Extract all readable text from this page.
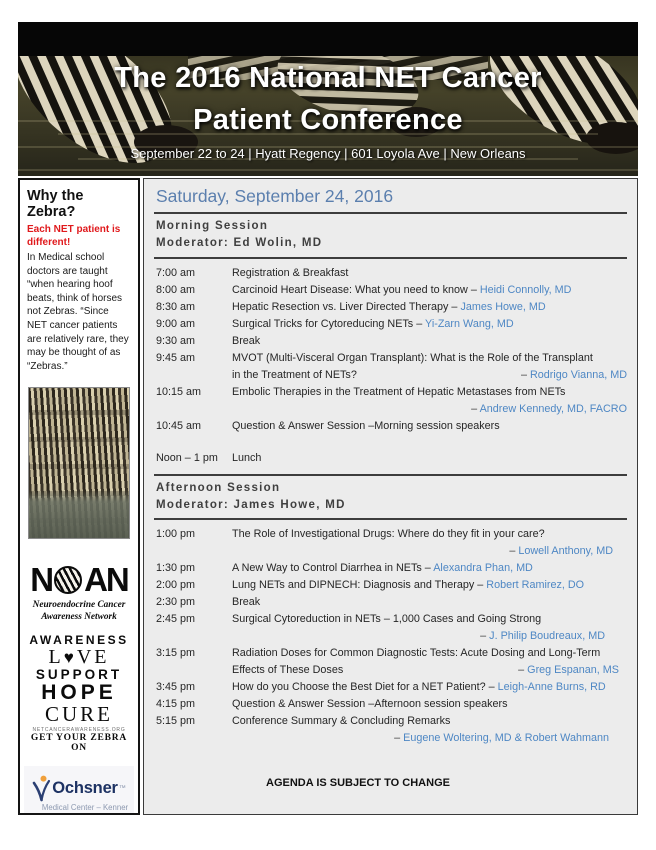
The 2016 National NET Cancer
Patient Conference
September 22 to 24 | Hyatt Regency | 601 Loyola Ave | New Orleans
Why the Zebra?
Each NET patient is different!

In Medical school doctors are taught “when hearing hoof beats, think of horses not Zebras. “Since NET cancer patients are relatively rare, they may be thought of as “Zebras.”

N AN
Neuroendocrine Cancer
Awareness Network
AWARENESS
L♥VE
SUPPORT
HOPE
CURE
NETCANCERAWARENESS.ORG
GET YOUR ZEBRA ON
Ochsner ™
Medical Center – Kenner
Saturday, September 24, 2016
Morning Session
Moderator: Ed Wolin, MD
7:00 am	Registration & Breakfast
8:00 am	Carcinoid Heart Disease: What you need to know – Heidi Connolly, MD
8:30 am	Hepatic Resection vs. Liver Directed Therapy – James Howe, MD
9:00 am	Surgical Tricks for Cytoreducing NETs – Yi-Zarn Wang, MD
9:30 am	Break
9:45 am	MVOT (Multi-Visceral Organ Transplant): What is the Role of the Transplant
in the Treatment of NETs?	– Rodrigo Vianna, MD
10:15 am	Embolic Therapies in the Treatment of Hepatic Metastases from NETs
– Andrew Kennedy, MD, FACRO
10:45 am	Question & Answer Session –Morning session speakers
Noon – 1 pm	Lunch
Afternoon Session
Moderator: James Howe, MD
1:00 pm	The Role of Investigational Drugs: Where do they fit in your care?
– Lowell Anthony, MD
1:30 pm	A New Way to Control Diarrhea in NETs – Alexandra Phan, MD
2:00 pm	Lung NETs and DIPNECH: Diagnosis and Therapy – Robert Ramirez, DO
2:30 pm	Break
2:45 pm	Surgical Cytoreduction in NETs – 1,000 Cases and Going Strong
– J. Philip Boudreaux, MD
3:15 pm	Radiation Doses for Common Diagnostic Tests: Acute Dosing and Long-Term
Effects of These Doses	– Greg Espanan, MS
3:45 pm	How do you Choose the Best Diet for a NET Patient? – Leigh-Anne Burns, RD
4:15 pm	Question & Answer Session –Afternoon session speakers
5:15 pm	Conference Summary & Concluding Remarks
– Eugene Woltering, MD & Robert Wahmann
AGENDA IS SUBJECT TO CHANGE
